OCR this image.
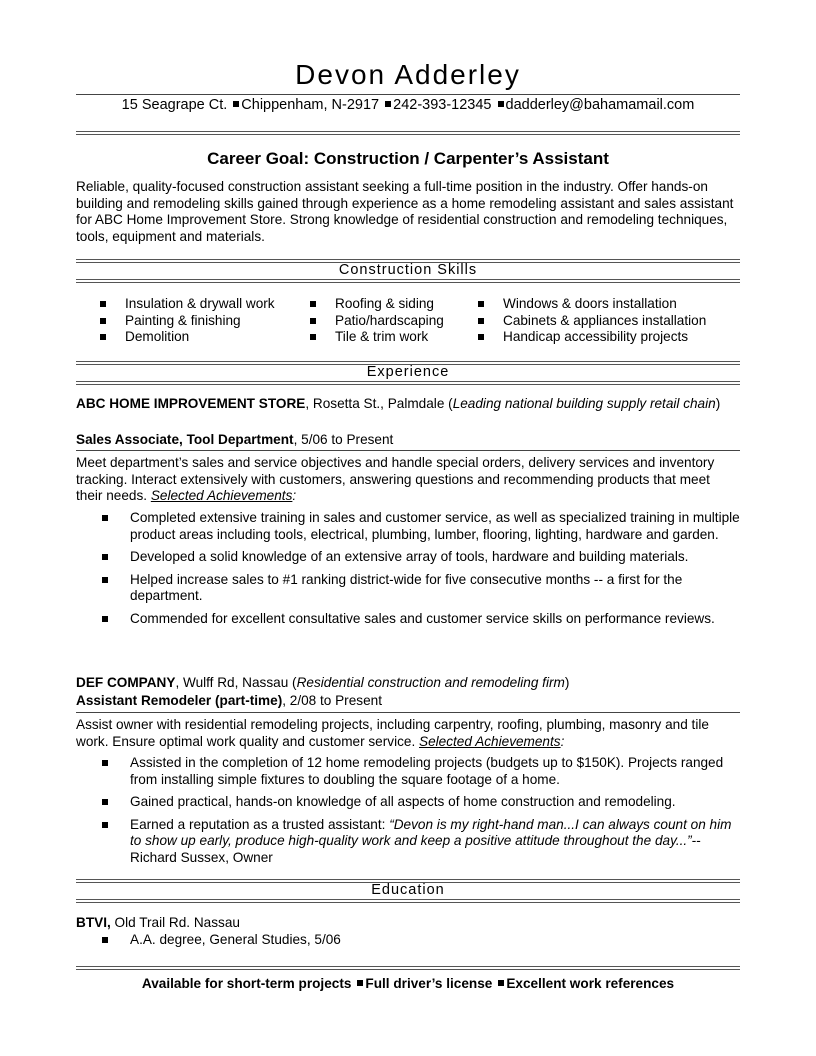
Devon Adderley
15 Seagrape Ct. Chippenham, N-2917 242-393-12345 dadderley@bahamamail.com
Career Goal: Construction / Carpenter’s Assistant
Reliable, quality-focused construction assistant seeking a full-time position in the industry. Offer hands-on building and remodeling skills gained through experience as a home remodeling assistant and sales assistant for ABC Home Improvement Store. Strong knowledge of residential construction and remodeling techniques, tools, equipment and materials.
Construction Skills
Insulation & drywall work
Painting & finishing
Demolition
Roofing & siding
Patio/hardscaping
Tile & trim work
Windows & doors installation
Cabinets & appliances installation
Handicap accessibility projects
Experience
ABC HOME IMPROVEMENT STORE, Rosetta St., Palmdale (Leading national building supply retail chain)
Sales Associate, Tool Department, 5/06 to Present
Meet department’s sales and service objectives and handle special orders, delivery services and inventory tracking. Interact extensively with customers, answering questions and recommending products that meet their needs. Selected Achievements:
Completed extensive training in sales and customer service, as well as specialized training in multiple product areas including tools, electrical, plumbing, lumber, flooring, lighting, hardware and garden.
Developed a solid knowledge of an extensive array of tools, hardware and building materials.
Helped increase sales to #1 ranking district-wide for five consecutive months -- a first for the department.
Commended for excellent consultative sales and customer service skills on performance reviews.
DEF COMPANY, Wulff Rd, Nassau (Residential construction and remodeling firm)
Assistant Remodeler (part-time), 2/08 to Present
Assist owner with residential remodeling projects, including carpentry, roofing, plumbing, masonry and tile work. Ensure optimal work quality and customer service. Selected Achievements:
Assisted in the completion of 12 home remodeling projects (budgets up to $150K). Projects ranged from installing simple fixtures to doubling the square footage of a home.
Gained practical, hands-on knowledge of all aspects of home construction and remodeling.
Earned a reputation as a trusted assistant: “Devon is my right-hand man...I can always count on him to show up early, produce high-quality work and keep a positive attitude throughout the day...”-- Richard Sussex, Owner
Education
BTVI, Old Trail Rd. Nassau
A.A. degree, General Studies, 5/06
Available for short-term projects Full driver’s license Excellent work references
